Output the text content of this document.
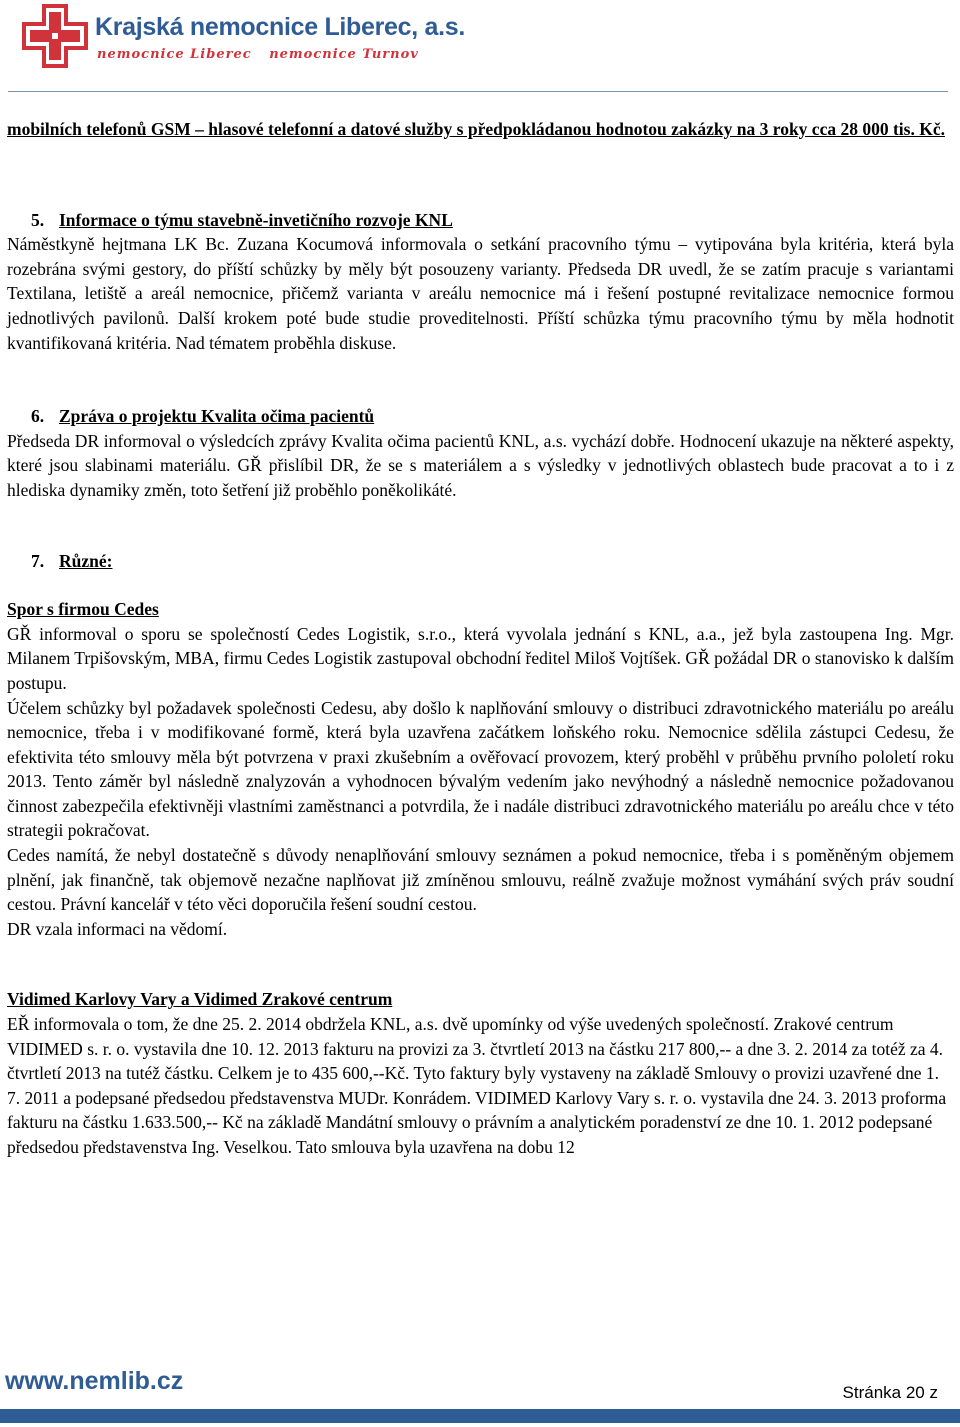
Krajská nemocnice Liberec, a.s.
nemocnice Liberec nemocnice Turnov

mobilních telefonů GSM – hlasové telefonní a datové služby s předpokládanou hodnotou zakázky na 3 roky cca 28 000 tis. Kč.

5. Informace o týmu stavebně-invetičního rozvoje KNL

Náměstkyně hejtmana LK Bc. Zuzana Kocumová informovala o setkání pracovního týmu – vytipována byla kritéria, která byla rozebrána svými gestory, do příští schůzky by měly být posouzeny varianty. Předseda DR uvedl, že se zatím pracuje s variantami Textilana, letiště a areál nemocnice, přičemž varianta v areálu nemocnice má i řešení postupné revitalizace nemocnice formou jednotlivých pavilonů. Další krokem poté bude studie proveditelnosti. Příští schůzka týmu pracovního týmu by měla hodnotit kvantifikovaná kritéria. Nad tématem proběhla diskuse.

6. Zpráva o projektu Kvalita očima pacientů

Předseda DR informoval o výsledcích zprávy Kvalita očima pacientů KNL, a.s. vychází dobře. Hodnocení ukazuje na některé aspekty, které jsou slabinami materiálu. GŘ přislíbil DR, že se s materiálem a s výsledky v jednotlivých oblastech bude pracovat a to i z hlediska dynamiky změn, toto šetření již proběhlo poněkolikáté.

7. Různé:

Spor s firmou Cedes

GŘ informoval o sporu se společností Cedes Logistik, s.r.o., která vyvolala jednání s KNL, a.a., jež byla zastoupena Ing. Mgr. Milanem Trpišovským, MBA, firmu Cedes Logistik zastupoval obchodní ředitel Miloš Vojtíšek. GŘ požádal DR o stanovisko k dalším postupu.

Účelem schůzky byl požadavek společnosti Cedesu, aby došlo k naplňování smlouvy o distribuci zdravotnického materiálu po areálu nemocnice, třeba i v modifikované formě, která byla uzavřena začátkem loňského roku. Nemocnice sdělila zástupci Cedesu, že efektivita této smlouvy měla být potvrzena v praxi zkušebním a ověřovací provozem, který proběhl v průběhu prvního pololetí roku 2013. Tento záměr byl následně znalyzován a vyhodnocen bývalým vedením jako nevýhodný a následně nemocnice požadovanou činnost zabezpečila efektivněji vlastními zaměstnanci a potvrdila, že i nadále distribuci zdravotnického materiálu po areálu chce v této strategii pokračovat.

Cedes namítá, že nebyl dostatečně s důvody nenaplňování smlouvy seznámen a pokud nemocnice, třeba i s poměněným objemem plnění, jak finančně, tak objemově nezačne naplňovat již zmíněnou smlouvu, reálně zvažuje možnost vymáhání svých práv soudní cestou. Právní kancelář v této věci doporučila řešení soudní cestou.

DR vzala informaci na vědomí.

Vidimed Karlovy Vary a Vidimed Zrakové centrum

EŘ informovala o tom, že dne 25. 2. 2014 obdržela KNL, a.s. dvě upomínky od výše uvedených společností. Zrakové centrum VIDIMED s. r. o. vystavila dne 10. 12. 2013 fakturu na provizi za 3. čtvrtletí 2013 na částku 217 800,-- a dne 3. 2. 2014 za totéž za 4. čtvrtletí 2013 na tutéž částku. Celkem je to 435 600,--Kč. Tyto faktury byly vystaveny na základě Smlouvy o provizi uzavřené dne 1. 7. 2011 a podepsané předsedou představenstva MUDr. Konrádem. VIDIMED Karlovy Vary s. r. o. vystavila dne 24. 3. 2013 proforma fakturu na částku 1.633.500,-- Kč na základě Mandátní smlouvy o právním a analytickém poradenství ze dne 10. 1. 2012 podepsané předsedou představenstva Ing. Veselkou. Tato smlouva byla uzavřena na dobu 12

www.nemlib.cz	Stránka 20 z
